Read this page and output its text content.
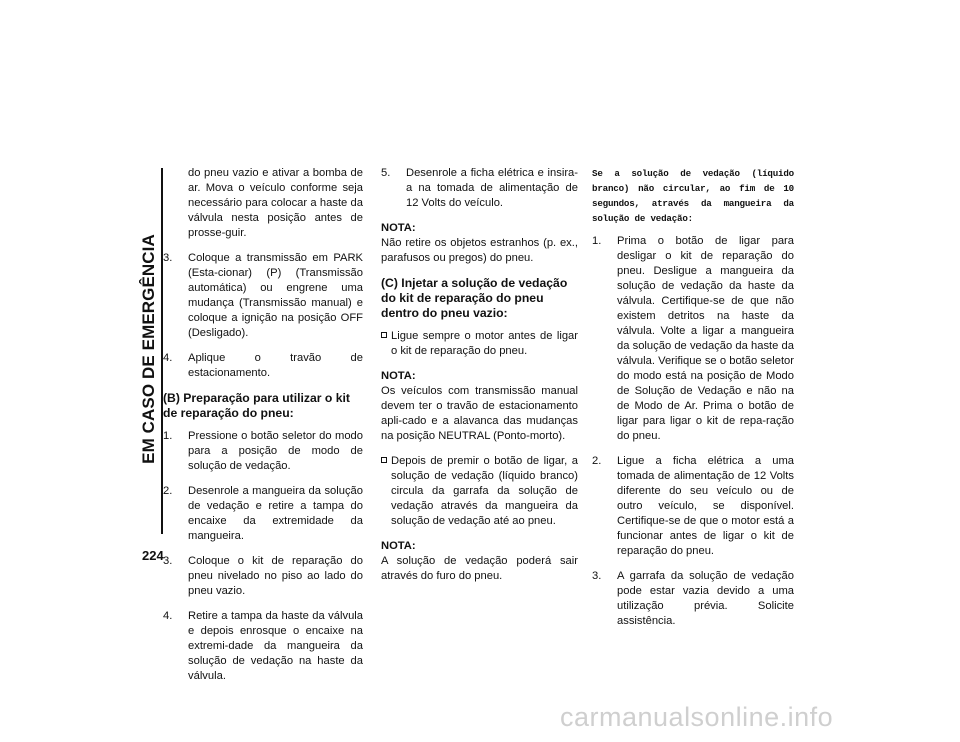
EM CASO DE EMERGÊNCIA
224

do pneu vazio e ativar a bomba de ar. Mova o veículo conforme seja necessário para colocar a haste da válvula nesta posição antes de prosse-guir.

3. Coloque a transmissão em PARK (Esta-cionar) (P) (Transmissão automática) ou engrene uma mudança (Transmissão manual) e coloque a ignição na posição OFF (Desligado).
4. Aplique o travão de estacionamento.
(B) Preparação para utilizar o kit de reparação do pneu:
1. Pressione o botão seletor do modo para a posição de modo de solução de vedação.
2. Desenrole a mangueira da solução de vedação e retire a tampa do encaixe da extremidade da mangueira.
3. Coloque o kit de reparação do pneu nivelado no piso ao lado do pneu vazio.
4. Retire a tampa da haste da válvula e depois enrosque o encaixe na extremi-dade da mangueira da solução de vedação na haste da válvula.
5. Desenrole a ficha elétrica e insira-a na tomada de alimentação de 12 Volts do veículo.

NOTA:

Não retire os objetos estranhos (p. ex., parafusos ou pregos) do pneu.

(C) Injetar a solução de vedação do kit de reparação do pneu dentro do pneu vazio:
Ligue sempre o motor antes de ligar o kit de reparação do pneu.

NOTA:

Os veículos com transmissão manual devem ter o travão de estacionamento apli-cado e a alavanca das mudanças na posição NEUTRAL (Ponto-morto).

Depois de premir o botão de ligar, a solução de vedação (líquido branco) circula da garrafa da solução de vedação através da mangueira da solução de vedação até ao pneu.

NOTA:

A solução de vedação poderá sair através do furo do pneu.

Se a solução de vedação (líquido branco) não circular, ao fim de 10 segundos, através da mangueira da solução de vedação:

1. Prima o botão de ligar para desligar o kit de reparação do pneu. Desligue a mangueira da solução de vedação da haste da válvula. Certifique-se de que não existem detritos na haste da válvula. Volte a ligar a mangueira da solução de vedação da haste da válvula. Verifique se o botão seletor do modo está na posição de Modo de Solução de Vedação e não na de Modo de Ar. Prima o botão de ligar para ligar o kit de repa-ração do pneu.
2. Ligue a ficha elétrica a uma tomada de alimentação de 12 Volts diferente do seu veículo ou de outro veículo, se disponível. Certifique-se de que o motor está a funcionar antes de ligar o kit de reparação do pneu.
3. A garrafa da solução de vedação pode estar vazia devido a uma utilização prévia. Solicite assistência.
carmanualsonline.info
